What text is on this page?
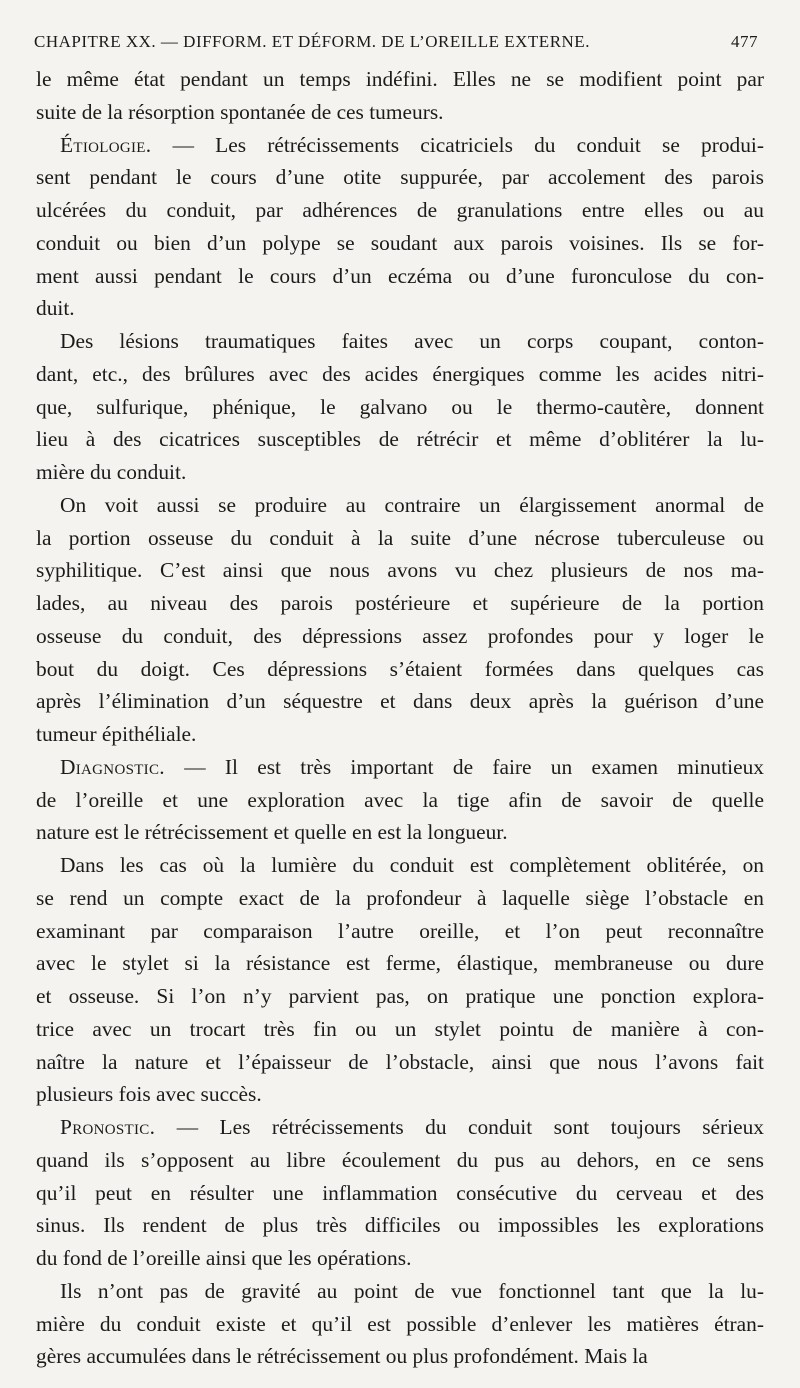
CHAPITRE XX. — DIFFORM. ET DÉFORM. DE L’OREILLE EXTERNE.	477
le même état pendant un temps indéfini. Elles ne se modifient point par
suite de la résorption spontanée de ces tumeurs.
Étiologie. — Les rétrécissements cicatriciels du conduit se produi-
sent pendant le cours d’une otite suppurée, par accolement des parois
ulcérées du conduit, par adhérences de granulations entre elles ou au
conduit ou bien d’un polype se soudant aux parois voisines. Ils se for-
ment aussi pendant le cours d’un eczéma ou d’une furonculose du con-
duit.
Des lésions traumatiques faites avec un corps coupant, conton-
dant, etc., des brûlures avec des acides énergiques comme les acides nitri-
que, sulfurique, phénique, le galvano ou le thermo-cautère, donnent
lieu à des cicatrices susceptibles de rétrécir et même d’oblitérer la lu-
mière du conduit.
On voit aussi se produire au contraire un élargissement anormal de
la portion osseuse du conduit à la suite d’une nécrose tuberculeuse ou
syphilitique. C’est ainsi que nous avons vu chez plusieurs de nos ma-
lades, au niveau des parois postérieure et supérieure de la portion
osseuse du conduit, des dépressions assez profondes pour y loger le
bout du doigt. Ces dépressions s’étaient formées dans quelques cas
après l’élimination d’un séquestre et dans deux après la guérison d’une
tumeur épithéliale.
Diagnostic. — Il est très important de faire un examen minutieux
de l’oreille et une exploration avec la tige afin de savoir de quelle
nature est le rétrécissement et quelle en est la longueur.
Dans les cas où la lumière du conduit est complètement oblitérée, on
se rend un compte exact de la profondeur à laquelle siège l’obstacle en
examinant par comparaison l’autre oreille, et l’on peut reconnaître
avec le stylet si la résistance est ferme, élastique, membraneuse ou dure
et osseuse. Si l’on n’y parvient pas, on pratique une ponction explora-
trice avec un trocart très fin ou un stylet pointu de manière à con-
naître la nature et l’épaisseur de l’obstacle, ainsi que nous l’avons fait
plusieurs fois avec succès.
Pronostic. — Les rétrécissements du conduit sont toujours sérieux
quand ils s’opposent au libre écoulement du pus au dehors, en ce sens
qu’il peut en résulter une inflammation consécutive du cerveau et des
sinus. Ils rendent de plus très difficiles ou impossibles les explorations
du fond de l’oreille ainsi que les opérations.
Ils n’ont pas de gravité au point de vue fonctionnel tant que la lu-
mière du conduit existe et qu’il est possible d’enlever les matières étran-
gères accumulées dans le rétrécissement ou plus profondément. Mais la
